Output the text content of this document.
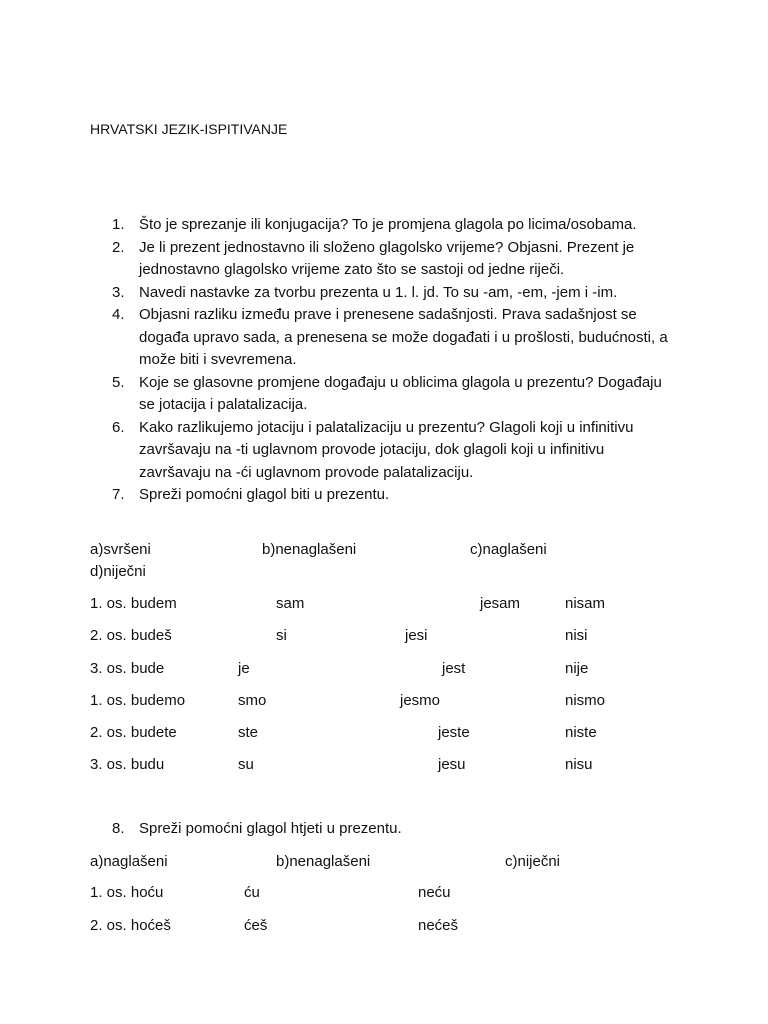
HRVATSKI JEZIK-ISPITIVANJE
1. Što je sprezanje ili konjugacija? To je promjena glagola po licima/osobama.
2. Je li prezent jednostavno ili složeno glagolsko vrijeme? Objasni. Prezent je jednostavno glagolsko vrijeme zato što se sastoji od jedne riječi.
3. Navedi nastavke za tvorbu prezenta u 1. l. jd. To su -am, -em, -jem i -im.
4. Objasni razliku između prave i prenesene sadašnjosti. Prava sadašnjost se događa upravo sada, a prenesena se može događati i u prošlosti, budućnosti, a može biti i svevremena.
5. Koje se glasovne promjene događaju u oblicima glagola u prezentu? Događaju se jotacija i palatalizacija.
6. Kako razlikujemo jotaciju i palatalizaciju u prezentu? Glagoli koji u infinitivu završavaju na -ti uglavnom provode jotaciju, dok glagoli koji u infinitivu završavaju na -ći uglavnom provode palatalizaciju.
7. Spreži pomoćni glagol biti u prezentu.
a)svršeni	b)nenaglašeni	c)naglašeni
d)niječni
1. os. budem	sam	jesam	nisam
2. os. budeš	si	jesi	nisi
3. os. bude	je	jest	nije
1. os. budemo	smo	jesmo	nismo
2. os. budete	ste	jeste	niste
3. os. budu	su	jesu	nisu
8. Spreži pomoćni glagol htjeti u prezentu.
a)naglašeni	b)nenaglašeni	c)niječni
1. os. hoću	ću	neću
2. os. hoćeš	ćeš	nećeš
